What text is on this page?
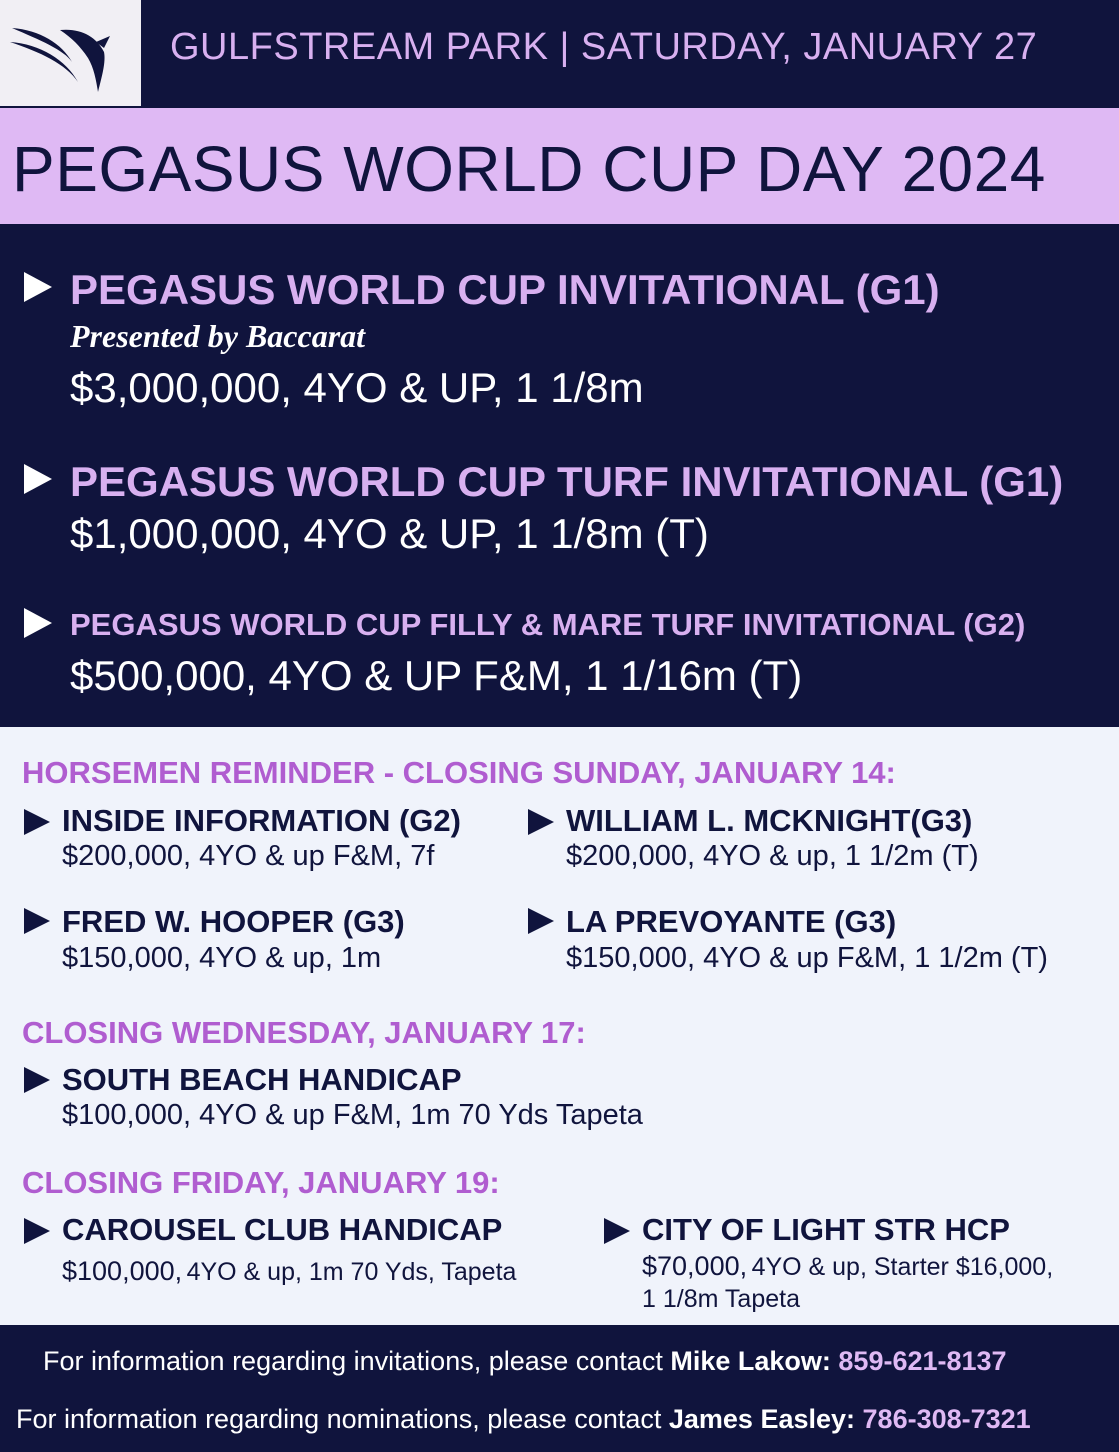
GULFSTREAM PARK | SATURDAY, JANUARY 27
PEGASUS WORLD CUP DAY 2024
PEGASUS WORLD CUP INVITATIONAL (G1)
Presented by Baccarat
$3,000,000, 4YO & UP, 1 1/8m
PEGASUS WORLD CUP TURF INVITATIONAL (G1)
$1,000,000, 4YO & UP, 1 1/8m (T)
PEGASUS WORLD CUP FILLY & MARE TURF INVITATIONAL (G2)
$500,000, 4YO & UP F&M, 1 1/16m (T)
HORSEMEN REMINDER - CLOSING SUNDAY, JANUARY 14:
INSIDE INFORMATION (G2)
$200,000, 4YO & up F&M, 7f
WILLIAM L. MCKNIGHT(G3)
$200,000, 4YO & up, 1 1/2m (T)
FRED W. HOOPER (G3)
$150,000, 4YO & up, 1m
LA PREVOYANTE (G3)
$150,000, 4YO & up F&M, 1 1/2m (T)
CLOSING WEDNESDAY, JANUARY 17:
SOUTH BEACH HANDICAP
$100,000, 4YO & up F&M, 1m 70 Yds Tapeta
CLOSING FRIDAY, JANUARY 19:
CAROUSEL CLUB HANDICAP
$100,000, 4YO & up, 1m 70 Yds, Tapeta
CITY OF LIGHT STR HCP
$70,000, 4YO & up, Starter $16,000,
1 1/8m Tapeta
For information regarding invitations, please contact Mike Lakow: 859-621-8137
For information regarding nominations, please contact James Easley: 786-308-7321
